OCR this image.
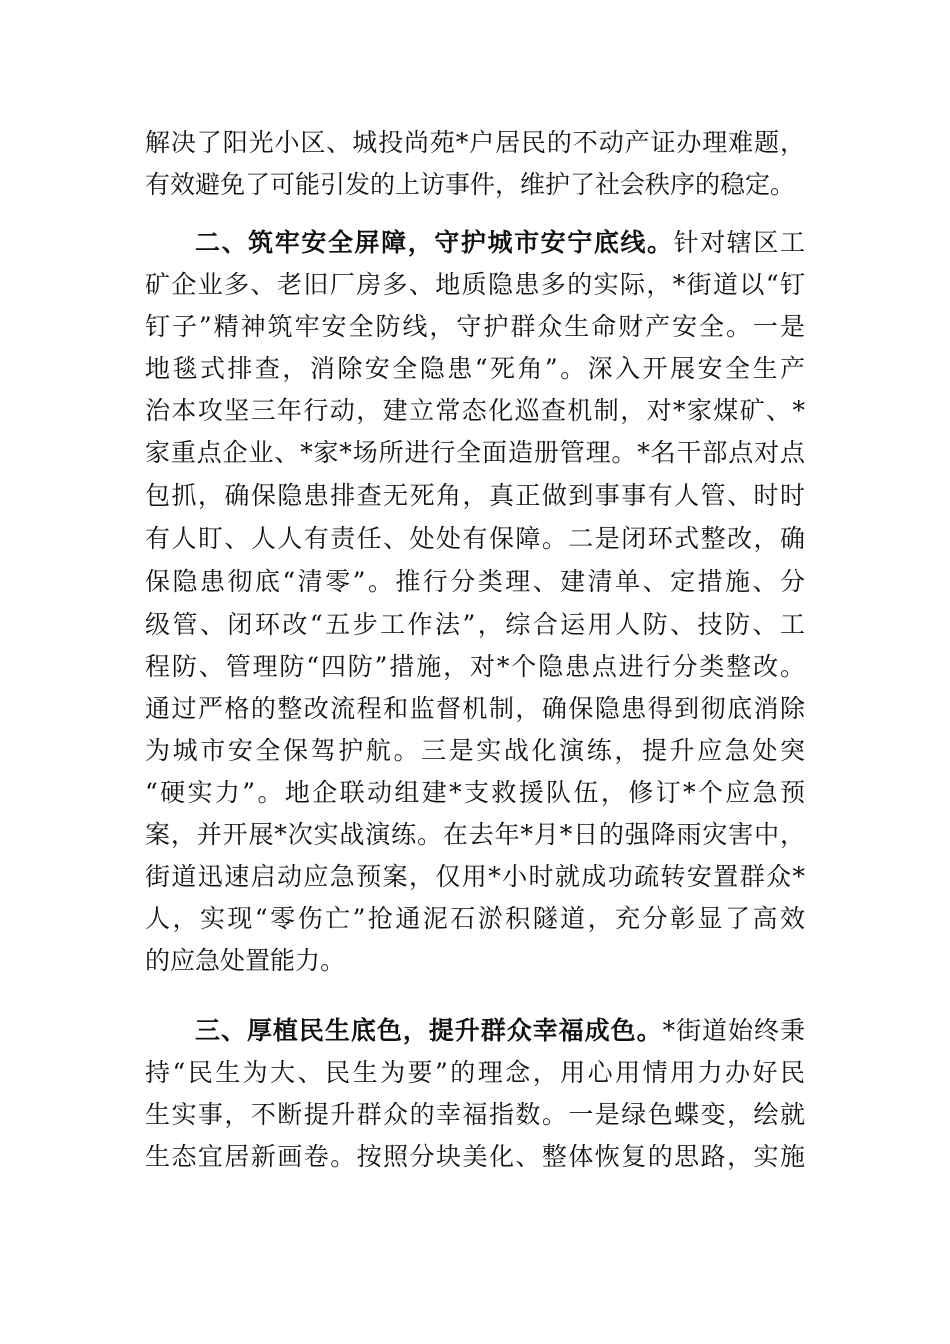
解决了阳光小区、城投尚苑*户居民的不动产证办理难题，
有效避免了可能引发的上访事件，维护了社会秩序的稳定。
二、筑牢安全屏障，守护城市安宁底线。针对辖区工
矿企业多、老旧厂房多、地质隐患多的实际，*街道以“钉
钉子”精神筑牢安全防线，守护群众生命财产安全。一是
地毯式排查，消除安全隐患“死角”。深入开展安全生产
治本攻坚三年行动，建立常态化巡查机制，对*家煤矿、*
家重点企业、*家*场所进行全面造册管理。*名干部点对点
包抓，确保隐患排查无死角，真正做到事事有人管、时时
有人盯、人人有责任、处处有保障。二是闭环式整改，确
保隐患彻底“清零”。推行分类理、建清单、定措施、分
级管、闭环改“五步工作法”，综合运用人防、技防、工
程防、管理防“四防”措施，对*个隐患点进行分类整改。
通过严格的整改流程和监督机制，确保隐患得到彻底消除
为城市安全保驾护航。三是实战化演练，提升应急处突
“硬实力”。地企联动组建*支救援队伍，修订*个应急预
案，并开展*次实战演练。在去年*月*日的强降雨灾害中，
街道迅速启动应急预案，仅用*小时就成功疏转安置群众*
人，实现“零伤亡”抢通泥石淤积隧道，充分彰显了高效
的应急处置能力。
三、厚植民生底色，提升群众幸福成色。*街道始终秉
持“民生为大、民生为要”的理念，用心用情用力办好民
生实事，不断提升群众的幸福指数。一是绿色蝶变，绘就
生态宜居新画卷。按照分块美化、整体恢复的思路，实施
